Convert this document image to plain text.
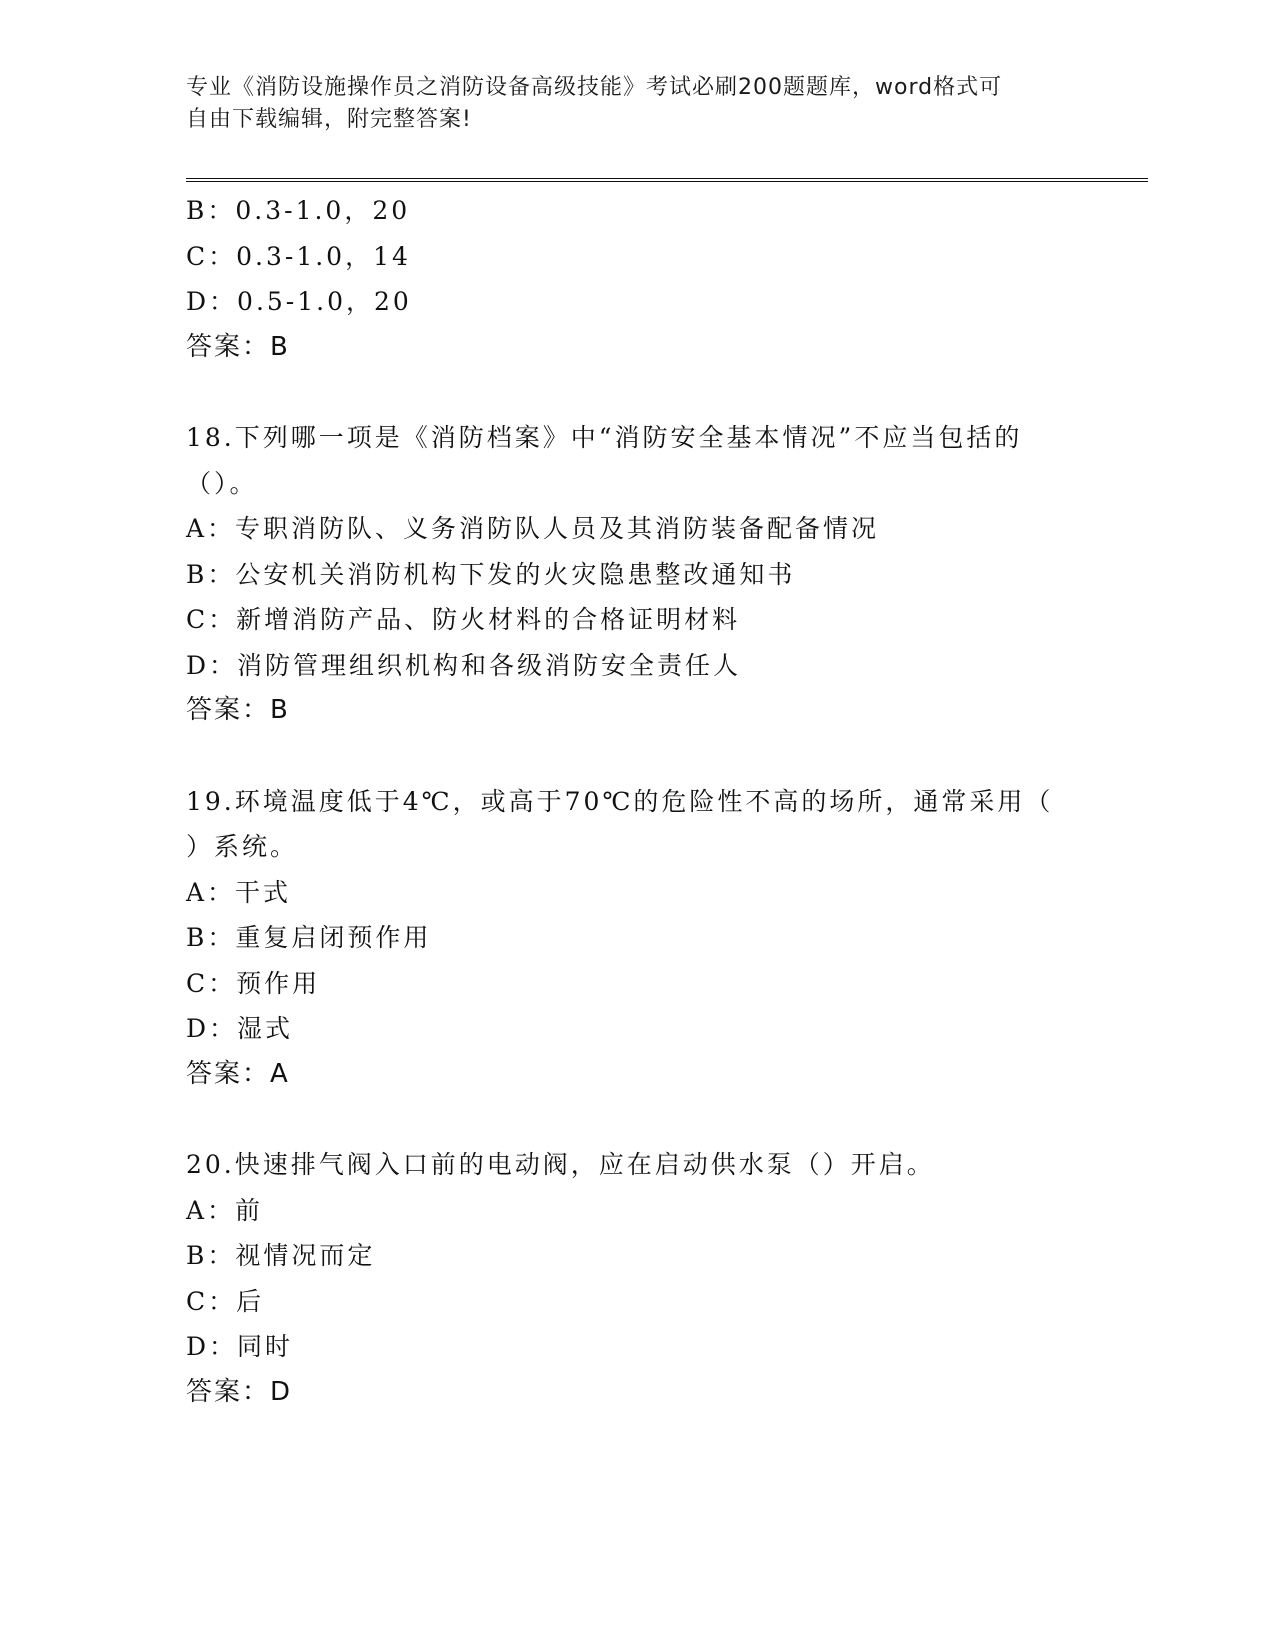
专业《消防设施操作员之消防设备高级技能》考试必刷200题题库，word格式可
自由下载编辑，附完整答案!
B：0.3-1.0，20
C：0.3-1.0，14
D：0.5-1.0，20
答案：B
18.下列哪一项是《消防档案》中“消防安全基本情况”不应当包括的
（）。
A：专职消防队、义务消防队人员及其消防装备配备情况
B：公安机关消防机构下发的火灾隐患整改通知书
C：新增消防产品、防火材料的合格证明材料
D：消防管理组织机构和各级消防安全责任人
答案：B
19.环境温度低于4℃，或高于70℃的危险性不高的场所，通常采用（
）系统。
A：干式
B：重复启闭预作用
C：预作用
D：湿式
答案：A
20.快速排气阀入口前的电动阀，应在启动供水泵（）开启。
A：前
B：视情况而定
C：后
D：同时
答案：D
